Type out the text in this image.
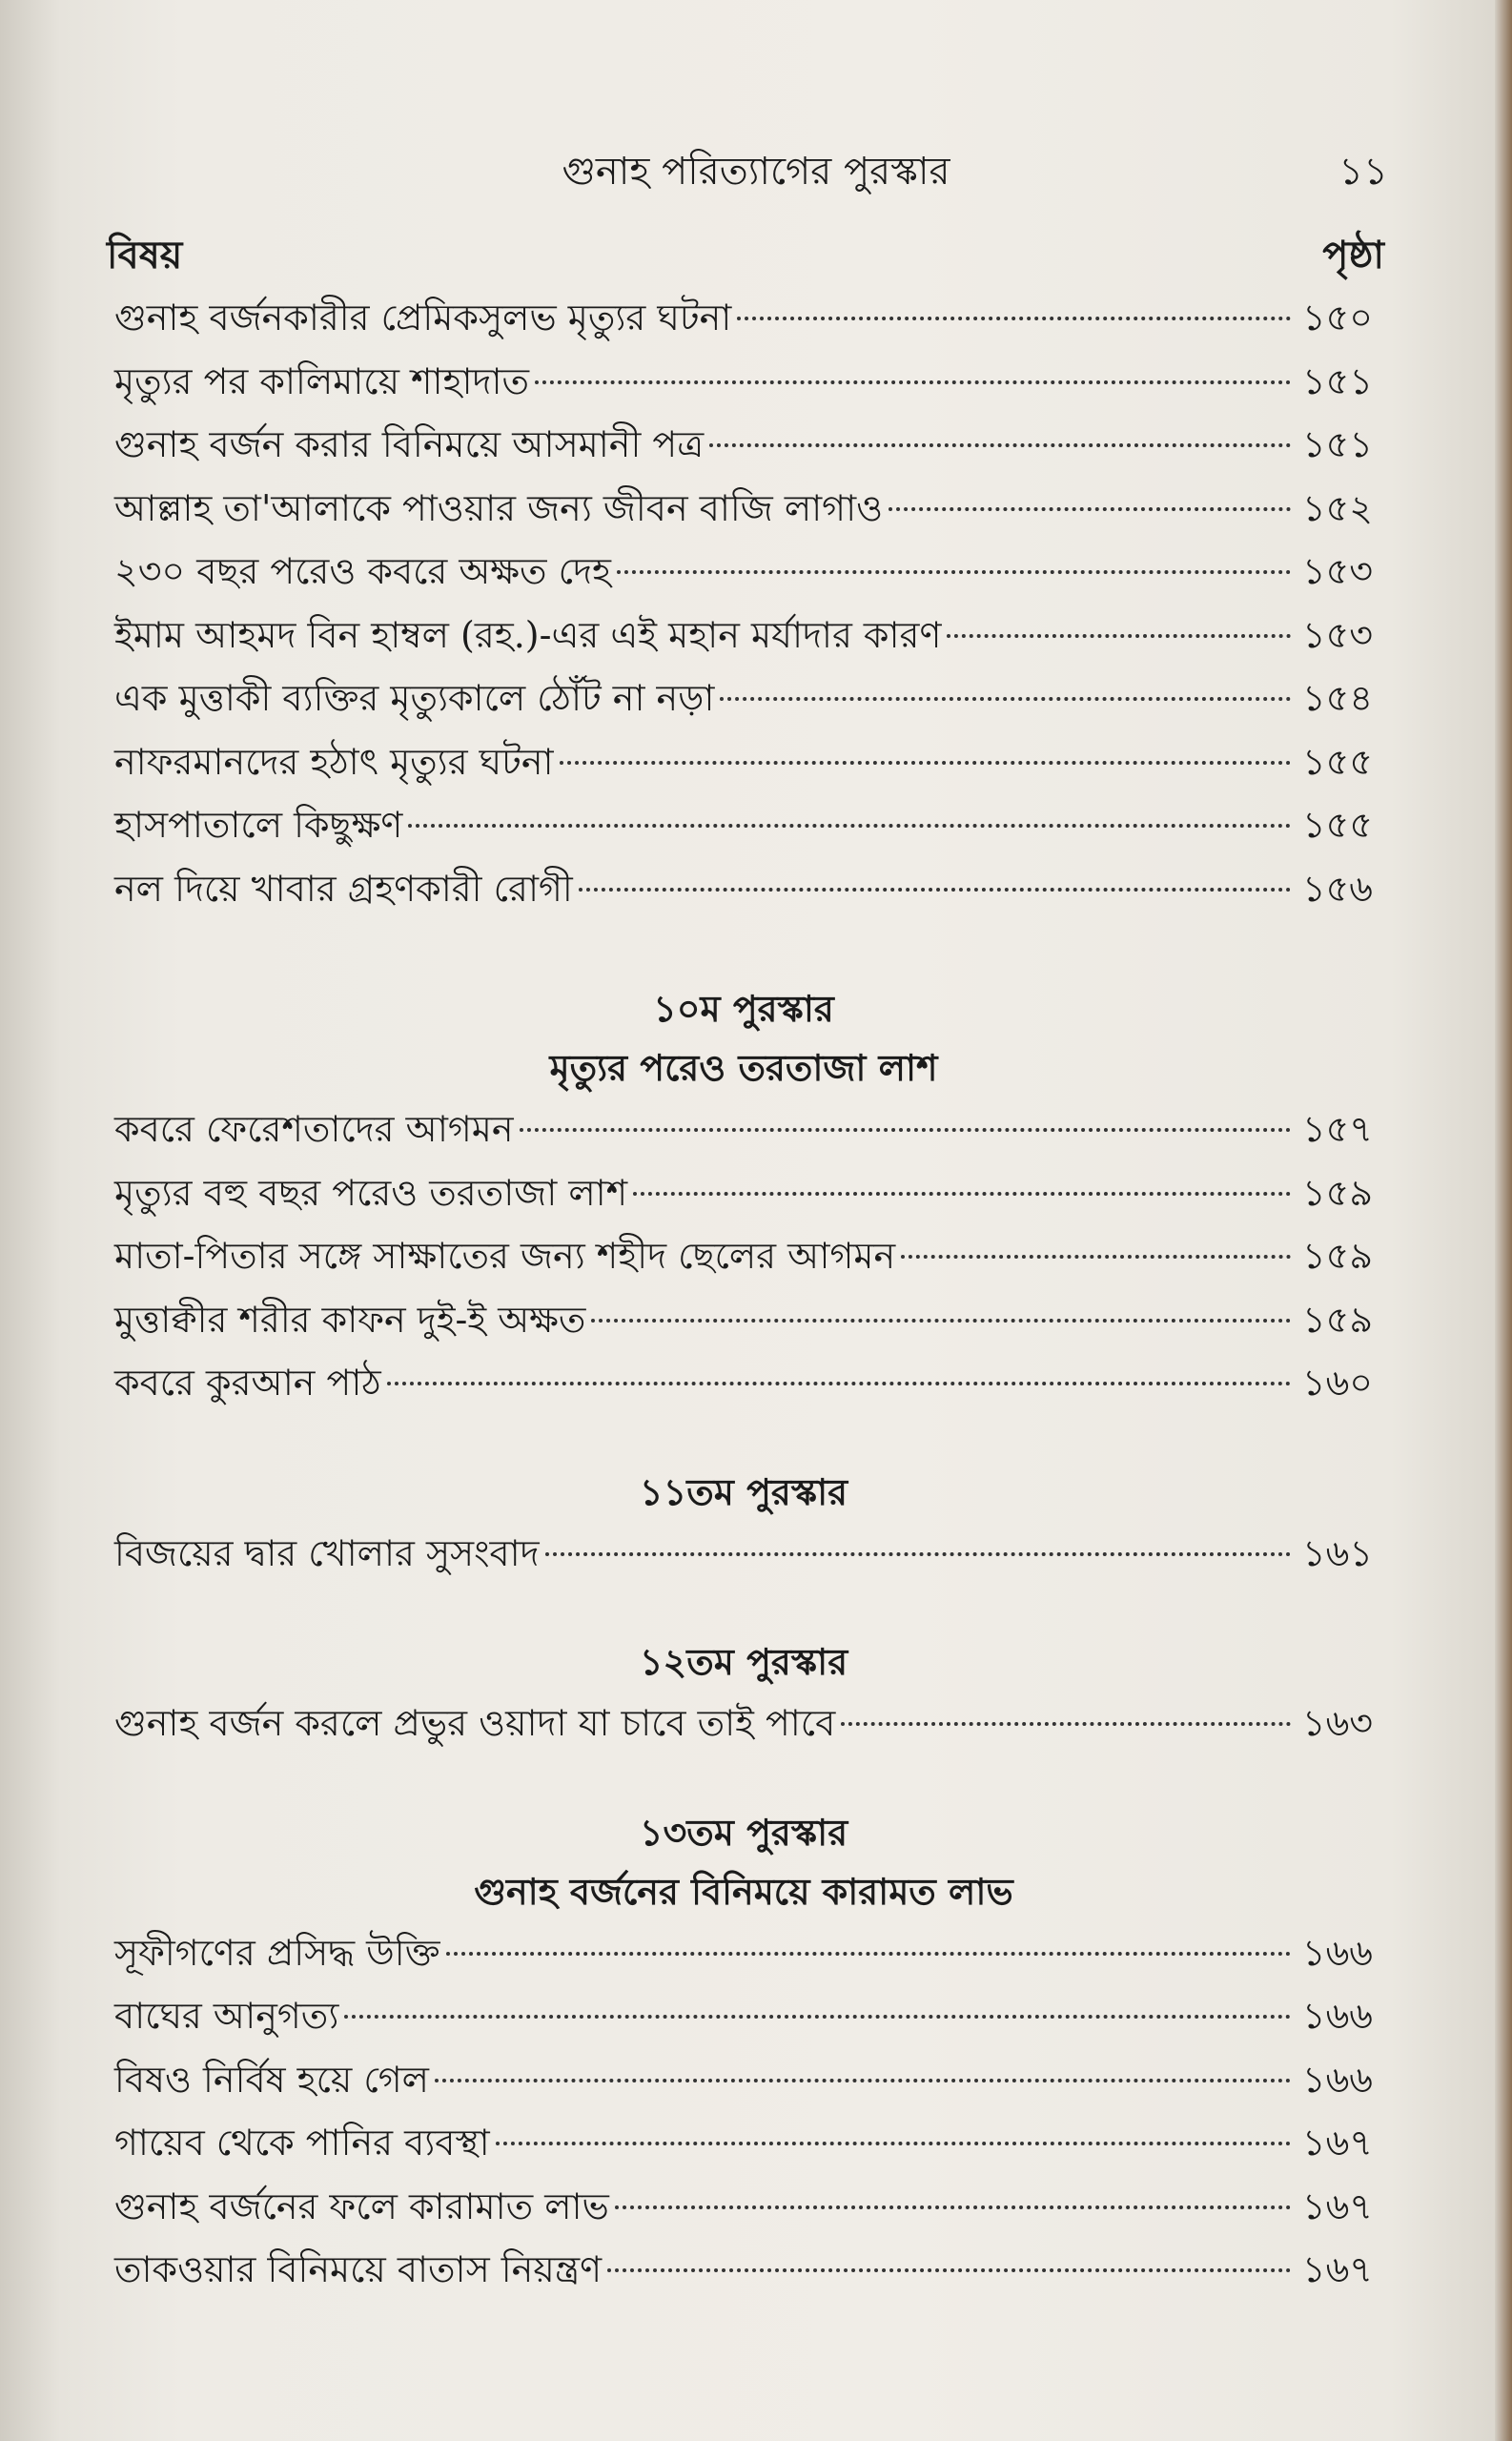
গুনাহ পরিত্যাগের পুরস্কার	১১
বিষয়	পৃষ্ঠা
গুনাহ বর্জনকারীর প্রেমিকসুলভ মৃত্যুর ঘটনা	১৫০
মৃত্যুর পর কালিমায়ে শাহাদাত	১৫১
গুনাহ বর্জন করার বিনিময়ে আসমানী পত্র	১৫১
আল্লাহ তা'আলাকে পাওয়ার জন্য জীবন বাজি লাগাও	১৫২
২৩০ বছর পরেও কবরে অক্ষত দেহ	১৫৩
ইমাম আহমদ বিন হাম্বল (রহ.)-এর এই মহান মর্যাদার কারণ	১৫৩
এক মুত্তাকী ব্যক্তির মৃত্যুকালে ঠোঁট না নড়া	১৫৪
নাফরমানদের হঠাৎ মৃত্যুর ঘটনা	১৫৫
হাসপাতালে কিছুক্ষণ	১৫৫
নল দিয়ে খাবার গ্রহণকারী রোগী	১৫৬
১০ম পুরস্কার
মৃত্যুর পরেও তরতাজা লাশ
কবরে ফেরেশতাদের আগমন	১৫৭
মৃত্যুর বহু বছর পরেও তরতাজা লাশ	১৫৯
মাতা-পিতার সঙ্গে সাক্ষাতের জন্য শহীদ ছেলের আগমন	১৫৯
মুত্তাক্বীর শরীর কাফন দুই-ই অক্ষত	১৫৯
কবরে কুরআন পাঠ	১৬০
১১তম পুরস্কার
বিজয়ের দ্বার খোলার সুসংবাদ	১৬১
১২তম পুরস্কার
গুনাহ বর্জন করলে প্রভুর ওয়াদা যা চাবে তাই পাবে	১৬৩
১৩তম পুরস্কার
গুনাহ বর্জনের বিনিময়ে কারামত লাভ
সূফীগণের প্রসিদ্ধ উক্তি	১৬৬
বাঘের আনুগত্য	১৬৬
বিষও নির্বিষ হয়ে গেল	১৬৬
গায়েব থেকে পানির ব্যবস্থা	১৬৭
গুনাহ বর্জনের ফলে কারামাত লাভ	১৬৭
তাকওয়ার বিনিময়ে বাতাস নিয়ন্ত্রণ	১৬৭
